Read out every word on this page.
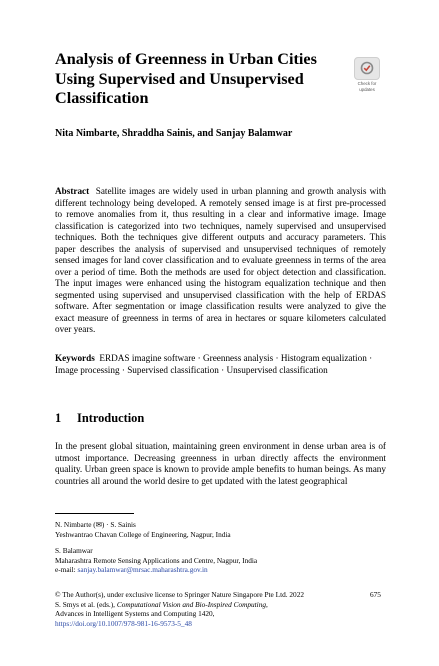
Analysis of Greenness in Urban Cities Using Supervised and Unsupervised Classification
Check for
updates
Nita Nimbarte, Shraddha Sainis, and Sanjay Balamwar
Abstract Satellite images are widely used in urban planning and growth analysis with different technology being developed. A remotely sensed image is at first pre-processed to remove anomalies from it, thus resulting in a clear and informative image. Image classification is categorized into two techniques, namely supervised and unsupervised techniques. Both the techniques give different outputs and accuracy parameters. This paper describes the analysis of supervised and unsupervised techniques of remotely sensed images for land cover classification and to evaluate greenness in terms of the area over a period of time. Both the methods are used for object detection and classification. The input images were enhanced using the histogram equalization technique and then segmented using supervised and unsupervised classification with the help of ERDAS software. After segmentation or image classification results were analyzed to give the exact measure of greenness in terms of area in hectares or square kilometers calculated over years.
Keywords ERDAS imagine software · Greenness analysis · Histogram equalization · Image processing · Supervised classification · Unsupervised classification
1 Introduction
In the present global situation, maintaining green environment in dense urban area is of utmost importance. Decreasing greenness in urban directly affects the environment quality. Urban green space is known to provide ample benefits to human beings. As many countries all around the world desire to get updated with the latest geographical
N. Nimbarte (✉) · S. Sainis
Yeshwantrao Chavan College of Engineering, Nagpur, India
S. Balamwar
Maharashtra Remote Sensing Applications and Centre, Nagpur, India
e-mail: sanjay.balamwar@mrsac.maharashtra.gov.in
© The Author(s), under exclusive license to Springer Nature Singapore Pte Ltd. 2022
S. Smys et al. (eds.), Computational Vision and Bio-Inspired Computing,
Advances in Intelligent Systems and Computing 1420,
https://doi.org/10.1007/978-981-16-9573-5_48
675
